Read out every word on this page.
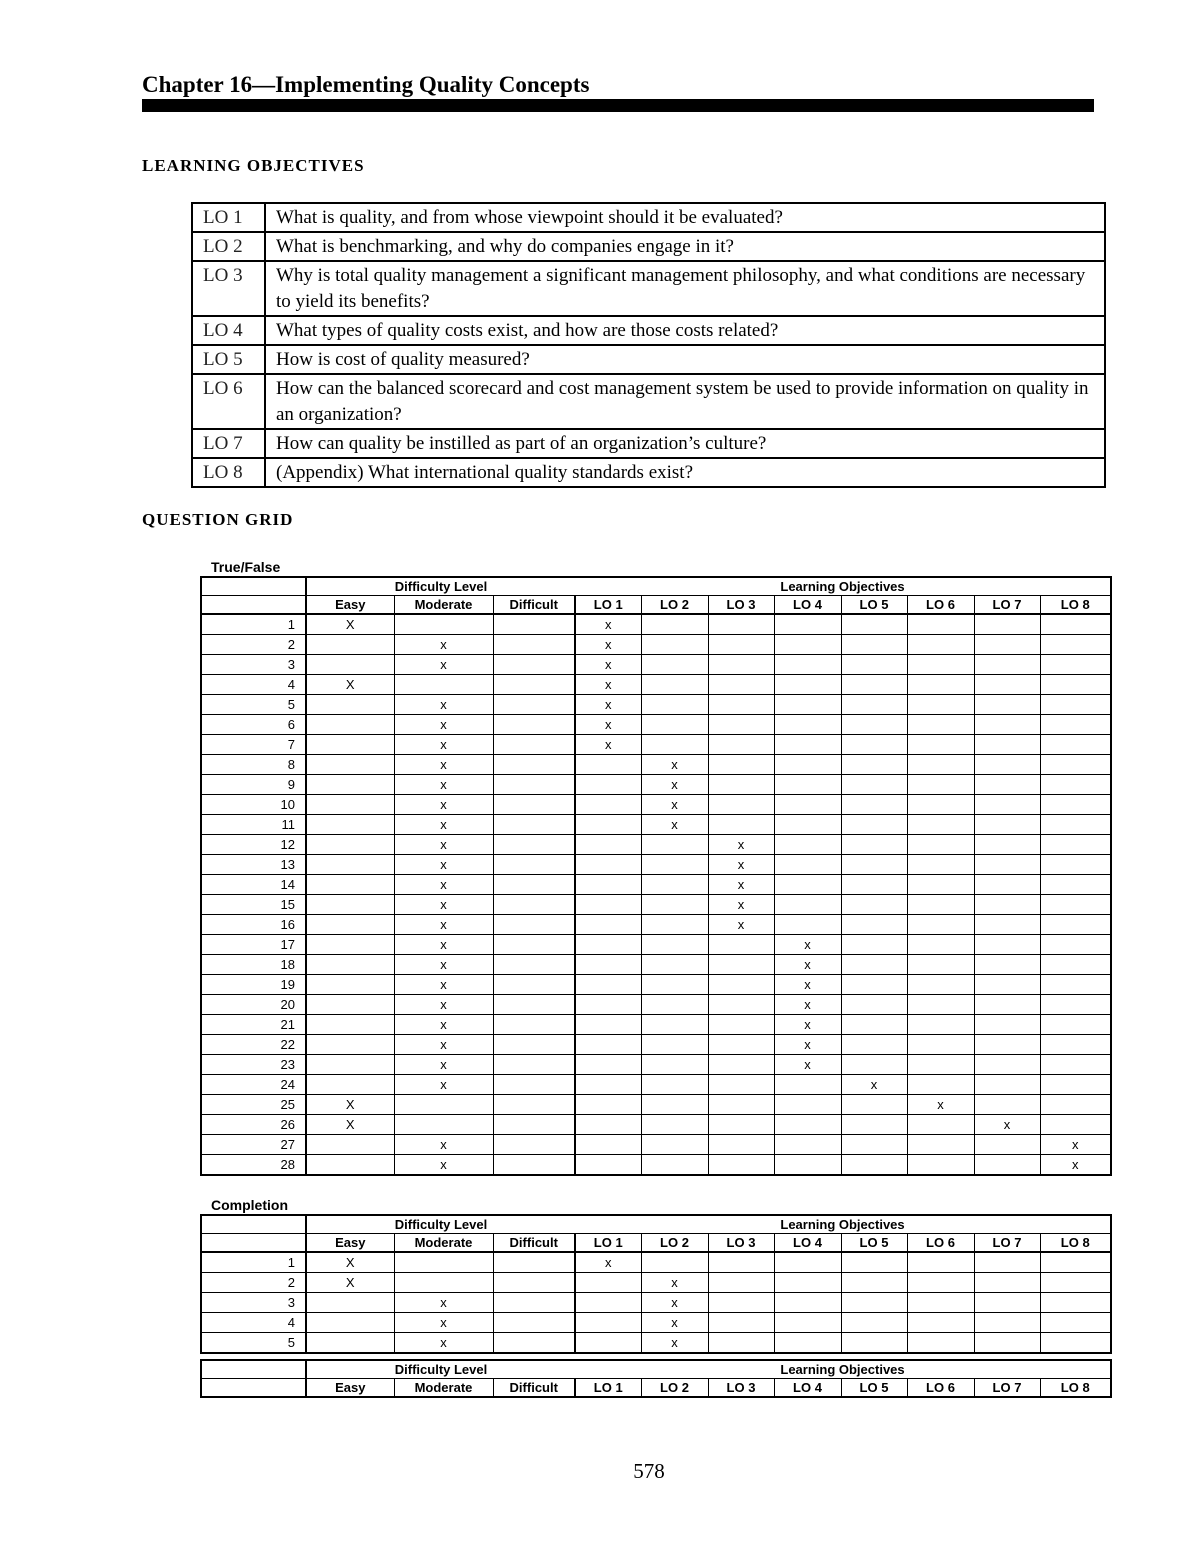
Chapter 16—Implementing Quality Concepts
LEARNING OBJECTIVES
LO 1	What is quality, and from whose viewpoint should it be evaluated?
LO 2	What is benchmarking, and why do companies engage in it?
LO 3	Why is total quality management a significant management philosophy, and what conditions are necessary to yield its benefits?
LO 4	What types of quality costs exist, and how are those costs related?
LO 5	How is cost of quality measured?
LO 6	How can the balanced scorecard and cost management system be used to provide information on quality in an organization?
LO 7	How can quality be instilled as part of an organization’s culture?
LO 8	(Appendix) What international quality standards exist?
QUESTION GRID
True/False
	Difficulty Level			Learning Objectives							
	Easy	Moderate	Difficult	LO 1	LO 2	LO 3	LO 4	LO 5	LO 6	LO 7	LO 8
1	X			x							
2		x		x							
3		x		x							
4	X			x							
5		x		x							
6		x		x							
7		x		x							
8		x			x						
9		x			x						
10		x			x						
11		x			x						
12		x				x					
13		x				x					
14		x				x					
15		x				x					
16		x				x					
17		x					x				
18		x					x				
19		x					x				
20		x					x				
21		x					x				
22		x					x				
23		x					x				
24		x						x			
25	X								x		
26	X									x	
27		x									x
28		x									x
Completion
	Difficulty Level			Learning Objectives							
	Easy	Moderate	Difficult	LO 1	LO 2	LO 3	LO 4	LO 5	LO 6	LO 7	LO 8
1	X			x							
2	X				x						
3		x			x						
4		x			x						
5		x			x						
	Difficulty Level			Learning Objectives							
	Easy	Moderate	Difficult	LO 1	LO 2	LO 3	LO 4	LO 5	LO 6	LO 7	LO 8
578
